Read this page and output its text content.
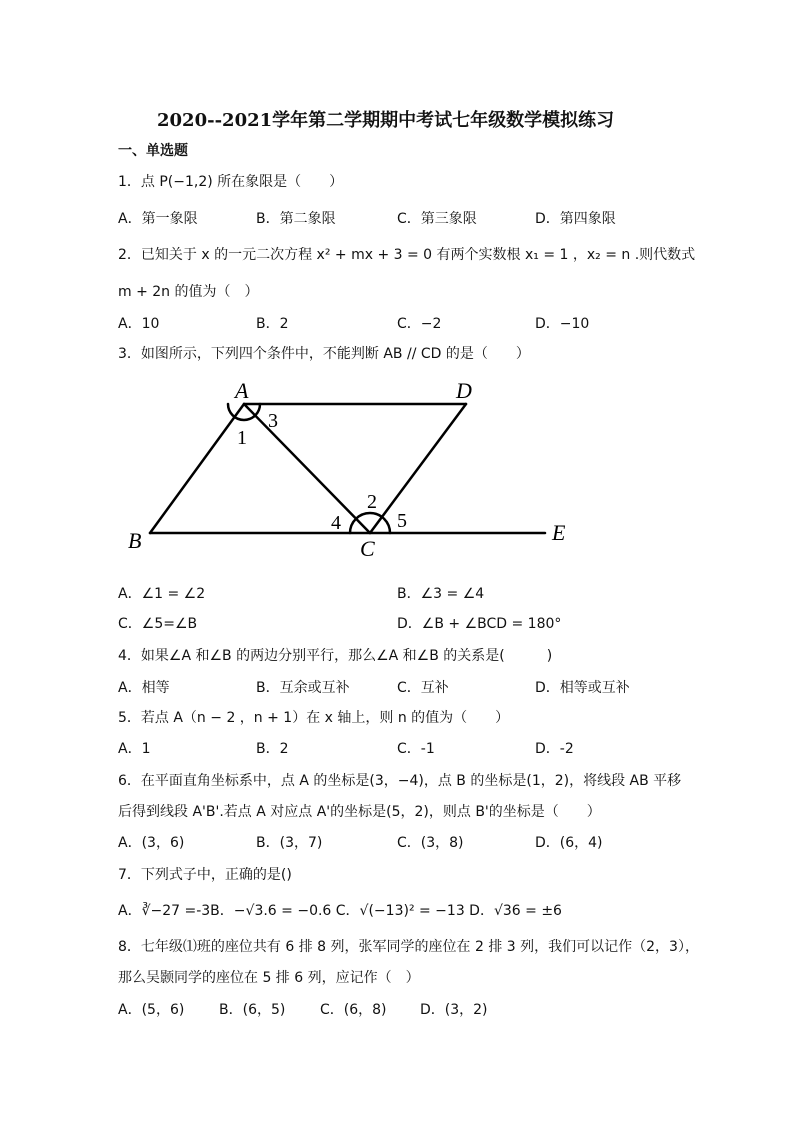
2020--2021学年第二学期期中考试七年级数学模拟练习
一、单选题
1．点 P(−1,2) 所在象限是（　　）
A．第一象限	B．第二象限	C．第三象限	D．第四象限
2．已知关于 x 的一元二次方程 x² + mx + 3 = 0 有两个实数根 x₁ = 1 ，x₂ = n .则代数式
m + 2n 的值为（　）
A．10	B．2	C．−2	D．−10
3．如图所示，下列四个条件中，不能判断 AB // CD 的是（　　）
A	D
B	C
E
1
3
2
4	5
A．∠1 = ∠2	B．∠3 = ∠4
C．∠5=∠B	D．∠B + ∠BCD = 180°
4．如果∠A 和∠B 的两边分别平行，那么∠A 和∠B 的关系是(　　　)
A．相等	B．互余或互补	C．互补	D．相等或互补
5．若点 A（n − 2 ，n + 1）在 x 轴上，则 n 的值为（　　）
A．1	B．2	C．-1	D．-2
6．在平面直角坐标系中，点 A 的坐标是(3，−4)，点 B 的坐标是(1，2)，将线段 AB 平移
后得到线段 A'B'.若点 A 对应点 A'的坐标是(5，2)，则点 B'的坐标是（　　）
A．(3，6)	B．(3，7)	C．(3，8)	D．(6，4)
7．下列式子中，正确的是()
A．∛−27 =-3B．−√3.6 = −0.6 C．√(−13)² = −13 D．√36 = ±6
8．七年级⑴班的座位共有 6 排 8 列，张军同学的座位在 2 排 3 列，我们可以记作（2，3），
那么吴颢同学的座位在 5 排 6 列，应记作（　）
A．(5，6) B．(6，5) C．(6，8) D．(3，2)
